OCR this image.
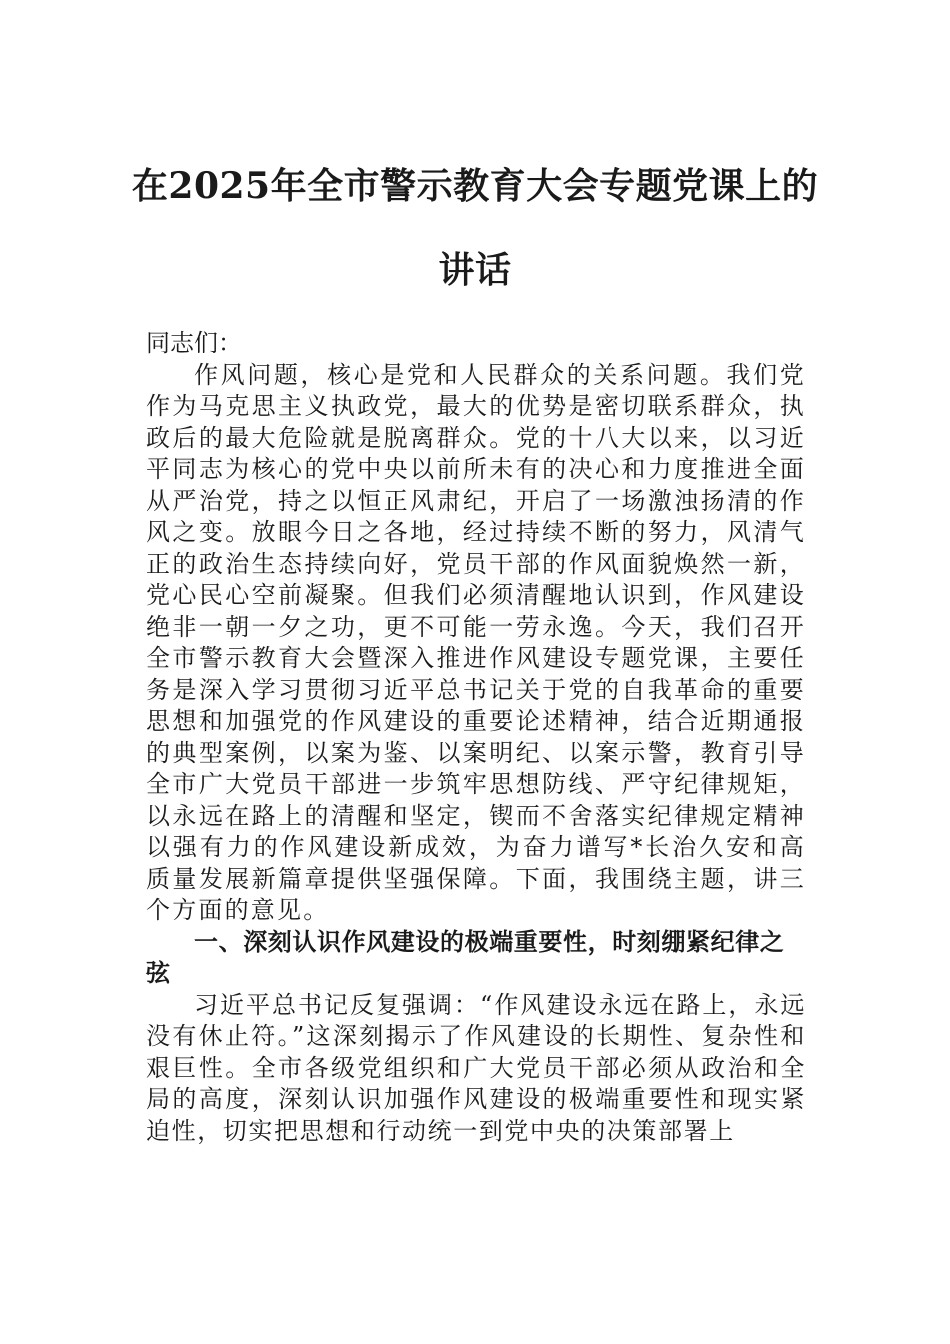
在2025年全市警示教育大会专题党课上的讲话

同志们：

作风问题，核心是党和人民群众的关系问题。我们党作为马克思主义执政党，最大的优势是密切联系群众，执政后的最大危险就是脱离群众。党的十八大以来，以习近平同志为核心的党中央以前所未有的决心和力度推进全面从严治党，持之以恒正风肃纪，开启了一场激浊扬清的作风之变。放眼今日之各地，经过持续不断的努力，风清气正的政治生态持续向好，党员干部的作风面貌焕然一新，党心民心空前凝聚。但我们必须清醒地认识到，作风建设绝非一朝一夕之功，更不可能一劳永逸。今天，我们召开全市警示教育大会暨深入推进作风建设专题党课，主要任务是深入学习贯彻习近平总书记关于党的自我革命的重要思想和加强党的作风建设的重要论述精神，结合近期通报的典型案例，以案为鉴、以案明纪、以案示警，教育引导全市广大党员干部进一步筑牢思想防线、严守纪律规矩，以永远在路上的清醒和坚定，锲而不舍落实纪律规定精神以强有力的作风建设新成效，为奋力谱写*长治久安和高质量发展新篇章提供坚强保障。下面，我围绕主题，讲三个方面的意见。

一、深刻认识作风建设的极端重要性，时刻绷紧纪律之弦

习近平总书记反复强调：“作风建设永远在路上，永远没有休止符。”这深刻揭示了作风建设的长期性、复杂性和艰巨性。全市各级党组织和广大党员干部必须从政治和全局的高度，深刻认识加强作风建设的极端重要性和现实紧迫性，切实把思想和行动统一到党中央的决策部署上
